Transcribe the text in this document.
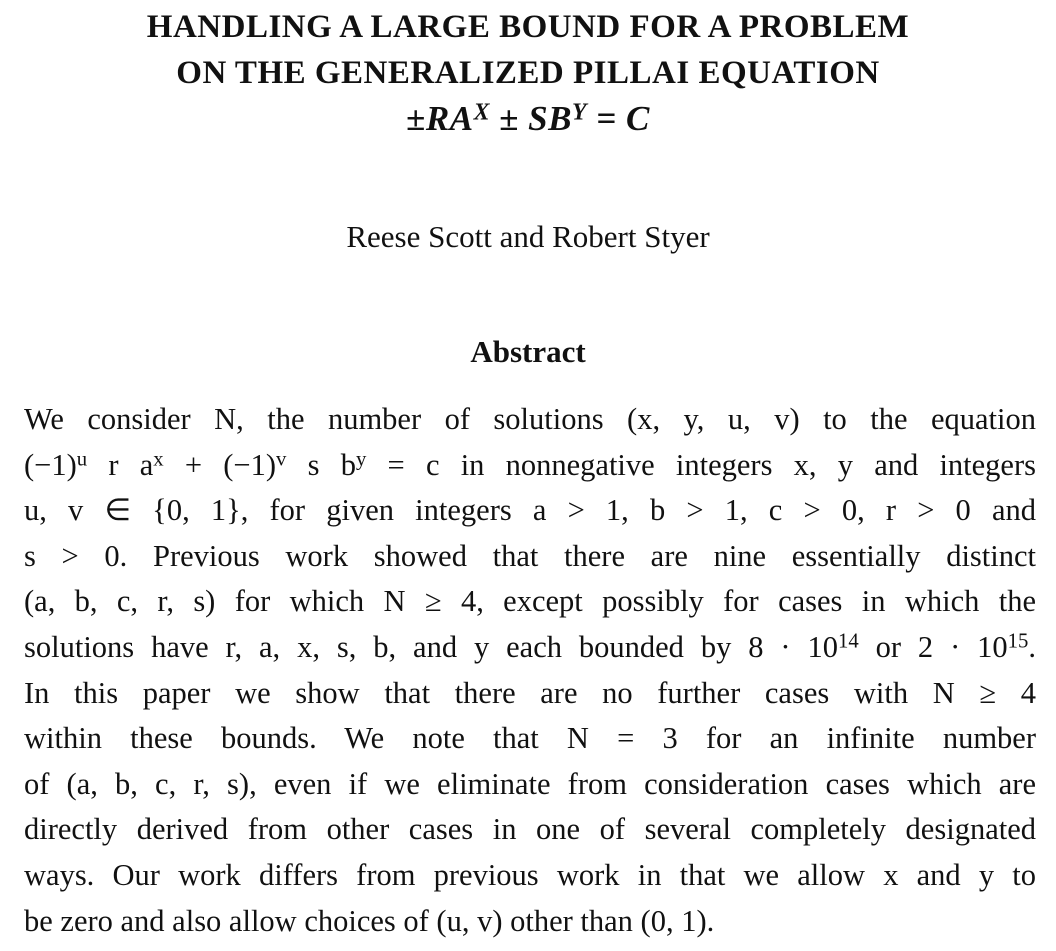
HANDLING A LARGE BOUND FOR A PROBLEM
ON THE GENERALIZED PILLAI EQUATION
$\pm RA^X \pm SB^Y = C$
Reese Scott and Robert Styer
Abstract
We consider N, the number of solutions (x, y, u, v) to the equation
$(-1)^u$ r $a^x + (-1)^v$ s $b^y = c$ in nonnegative integers x, y and integers
u, v ∈ {0, 1}, for given integers a > 1, b > 1, c > 0, r > 0 and
s > 0. Previous work showed that there are nine essentially distinct
(a, b, c, r, s) for which N ≥ 4, except possibly for cases in which the
solutions have r, a, x, s, b, and y each bounded by $8 \cdot 10^{14}$ or $2 \cdot 10^{15}$.
In this paper we show that there are no further cases with N ≥ 4
within these bounds. We note that N = 3 for an infinite number
of (a, b, c, r, s), even if we eliminate from consideration cases which are
directly derived from other cases in one of several completely designated
ways. Our work differs from previous work in that we allow x and y to
be zero and also allow choices of (u, v) other than (0, 1).
